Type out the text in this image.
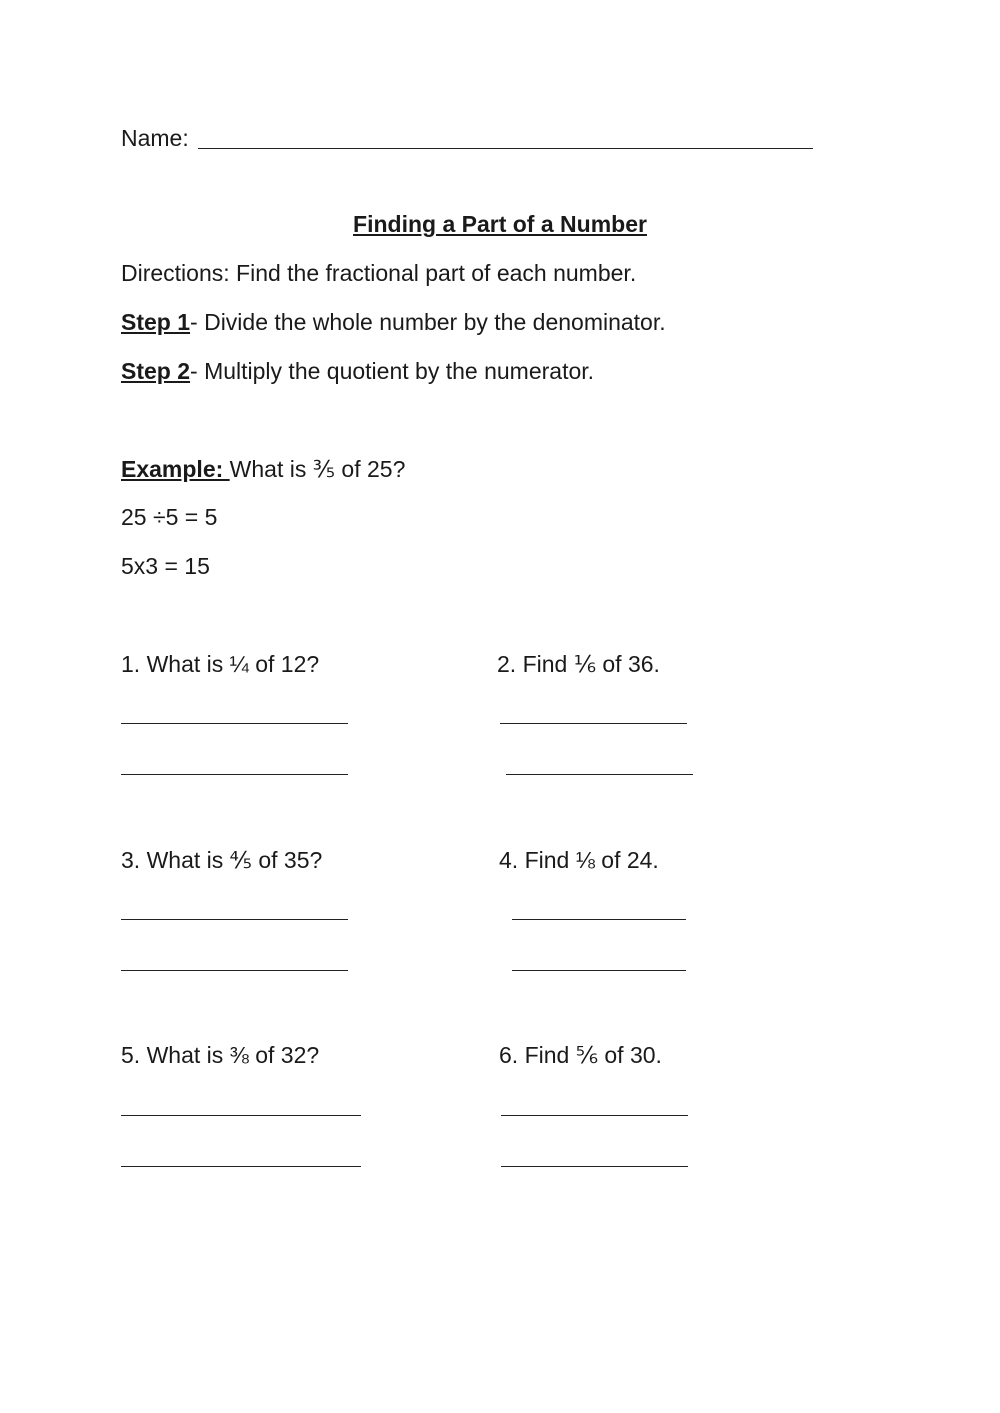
Name:
Finding a Part of a Number
Directions: Find the fractional part of each number.
Step 1- Divide the whole number by the denominator.
Step 2- Multiply the quotient by the numerator.
Example: What is ⅗ of 25?
25 ÷5 = 5
5x3 = 15
1. What is ¼ of 12?	2. Find ⅙ of 36.
3. What is ⅘ of 35?	4. Find ⅛ of 24.
5. What is ⅜ of 32?	6. Find ⅚ of 30.
